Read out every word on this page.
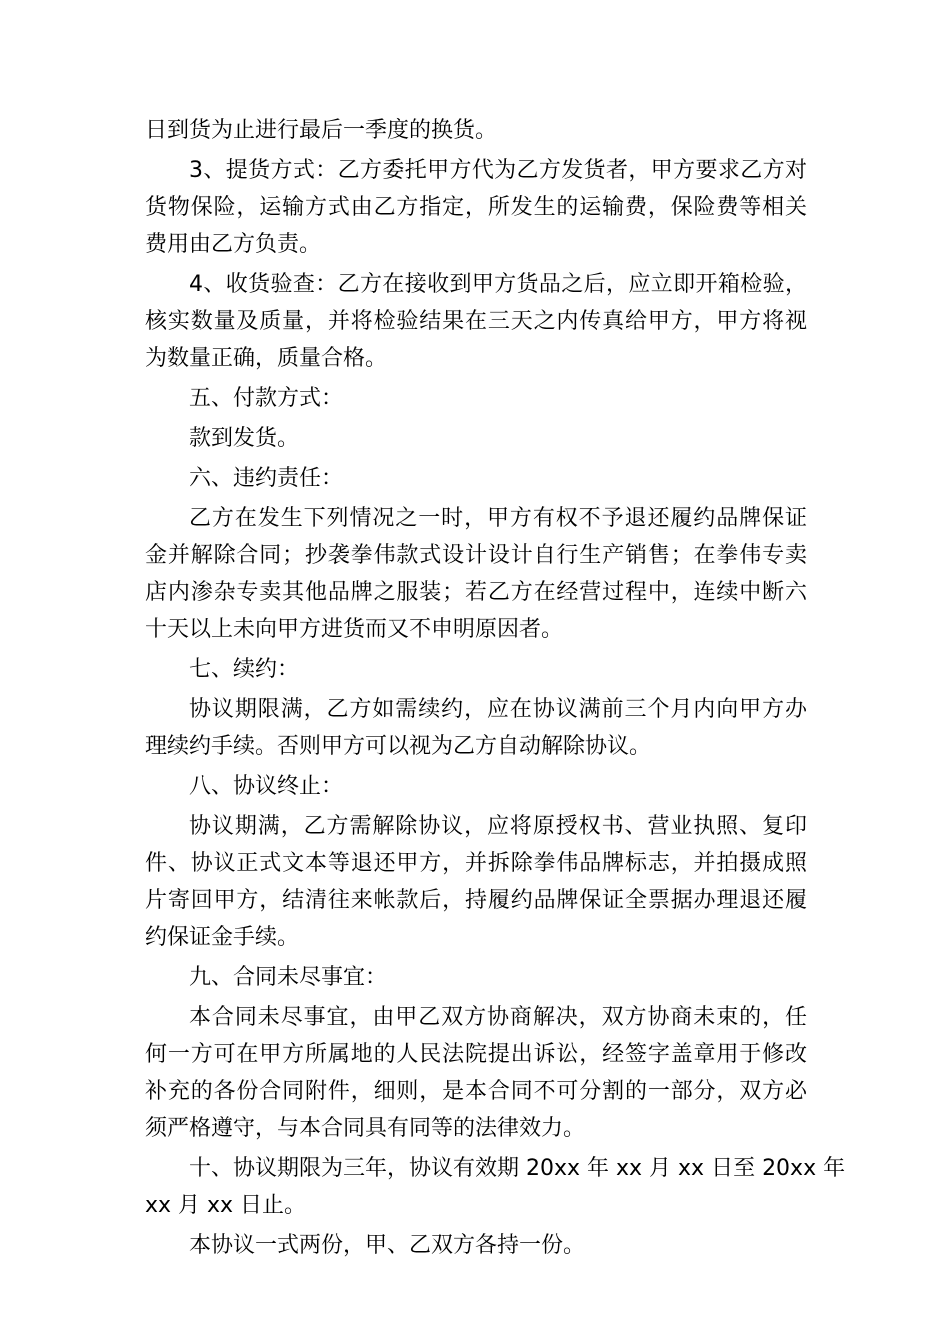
日到货为止进行最后一季度的换货。
3、提货方式：乙方委托甲方代为乙方发货者，甲方要求乙方对
货物保险，运输方式由乙方指定，所发生的运输费，保险费等相关
费用由乙方负责。
4、收货验查：乙方在接收到甲方货品之后，应立即开箱检验，
核实数量及质量，并将检验结果在三天之内传真给甲方，甲方将视
为数量正确，质量合格。
五、付款方式：
款到发货。
六、违约责任：
乙方在发生下列情况之一时，甲方有权不予退还履约品牌保证
金并解除合同；抄袭拳伟款式设计设计自行生产销售；在拳伟专卖
店内渗杂专卖其他品牌之服装；若乙方在经营过程中，连续中断六
十天以上未向甲方进货而又不申明原因者。
七、续约：
协议期限满，乙方如需续约，应在协议满前三个月内向甲方办
理续约手续。否则甲方可以视为乙方自动解除协议。
八、协议终止：
协议期满，乙方需解除协议，应将原授权书、营业执照、复印
件、协议正式文本等退还甲方，并拆除拳伟品牌标志，并拍摄成照
片寄回甲方，结清往来帐款后，持履约品牌保证全票据办理退还履
约保证金手续。
九、合同未尽事宜：
本合同未尽事宜，由甲乙双方协商解决，双方协商未束的，任
何一方可在甲方所属地的人民法院提出诉讼，经签字盖章用于修改
补充的各份合同附件，细则，是本合同不可分割的一部分，双方必
须严格遵守，与本合同具有同等的法律效力。
十、协议期限为三年，协议有效期 20xx 年 xx 月 xx 日至 20xx 年
xx 月 xx 日止。
本协议一式两份，甲、乙双方各持一份。
